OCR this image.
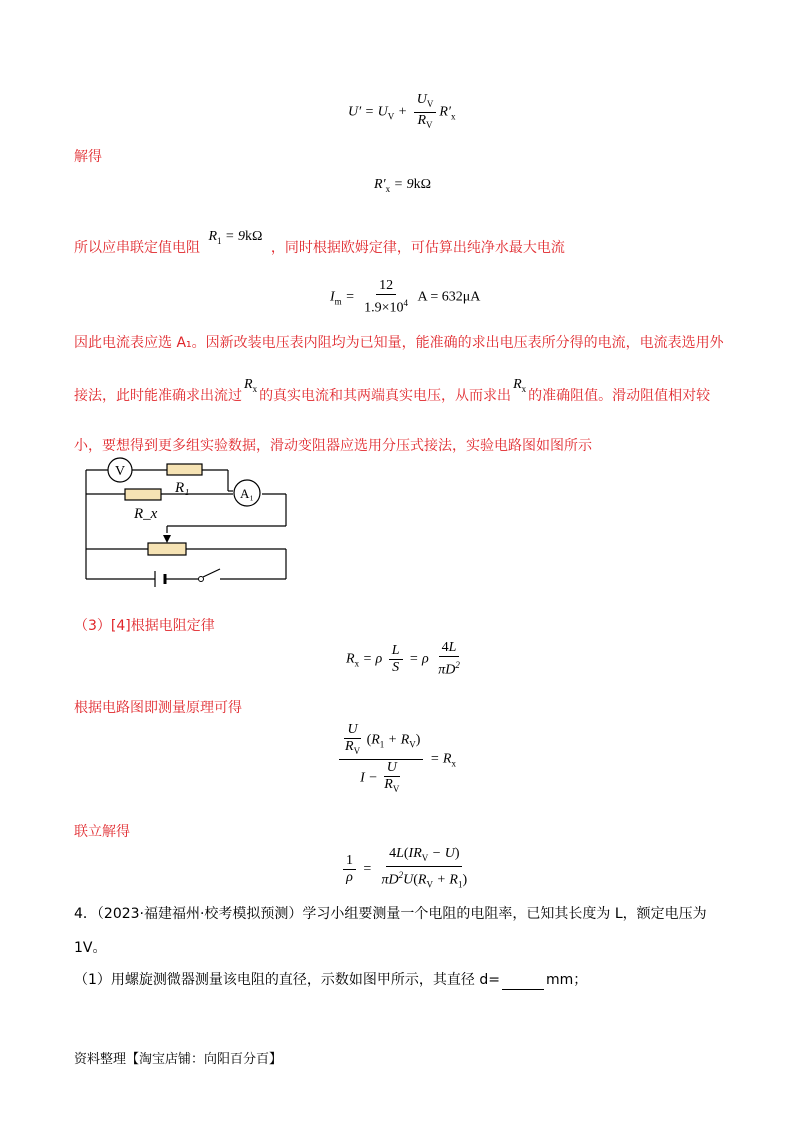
$U' = U_V + \frac{U_V}{R_V} R'_x$
解得
$R'_x = 9k\Omega$
所以应串联定值电阻 $R_1 = 9k\Omega$ ，同时根据欧姆定律，可估算出纯净水最大电流
$I_m = \frac{12}{1.9\times 10^4}$ A = 632μA
因此电流表应选 A₁。因新改装电压表内阻均为已知量，能准确的求出电压表所分得的电流，电流表选用外
接法，此时能准确求出流过$R_x$ 的真实电流和其两端真实电压，从而求出$R_x$ 的准确阻值。滑动阻值相对较
小，要想得到更多组实验数据，滑动变阻器应选用分压式接法，实验电路图如图所示
V
R₁
R_x
A₁
（3）[4]根据电阻定律
$R_x = \rho \frac{L}{S} = \rho \frac{4L}{\pi D^2}$
根据电路图即测量原理可得
$\frac{\frac{U}{R_V} (R_1 + R_V)}{I - \frac{U}{R_V}} = R_x$
联立解得
$\frac{1}{\rho} = \frac{4L(IR_V - U)}{\pi D^2U(R_V + R_1)}$
4．（2023·福建福州·校考模拟预测）学习小组要测量一个电阻的电阻率，已知其长度为 L，额定电压为
1V。
（1）用螺旋测微器测量该电阻的直径，示数如图甲所示，其直径 d=	mm；
资料整理【淘宝店铺：向阳百分百】
